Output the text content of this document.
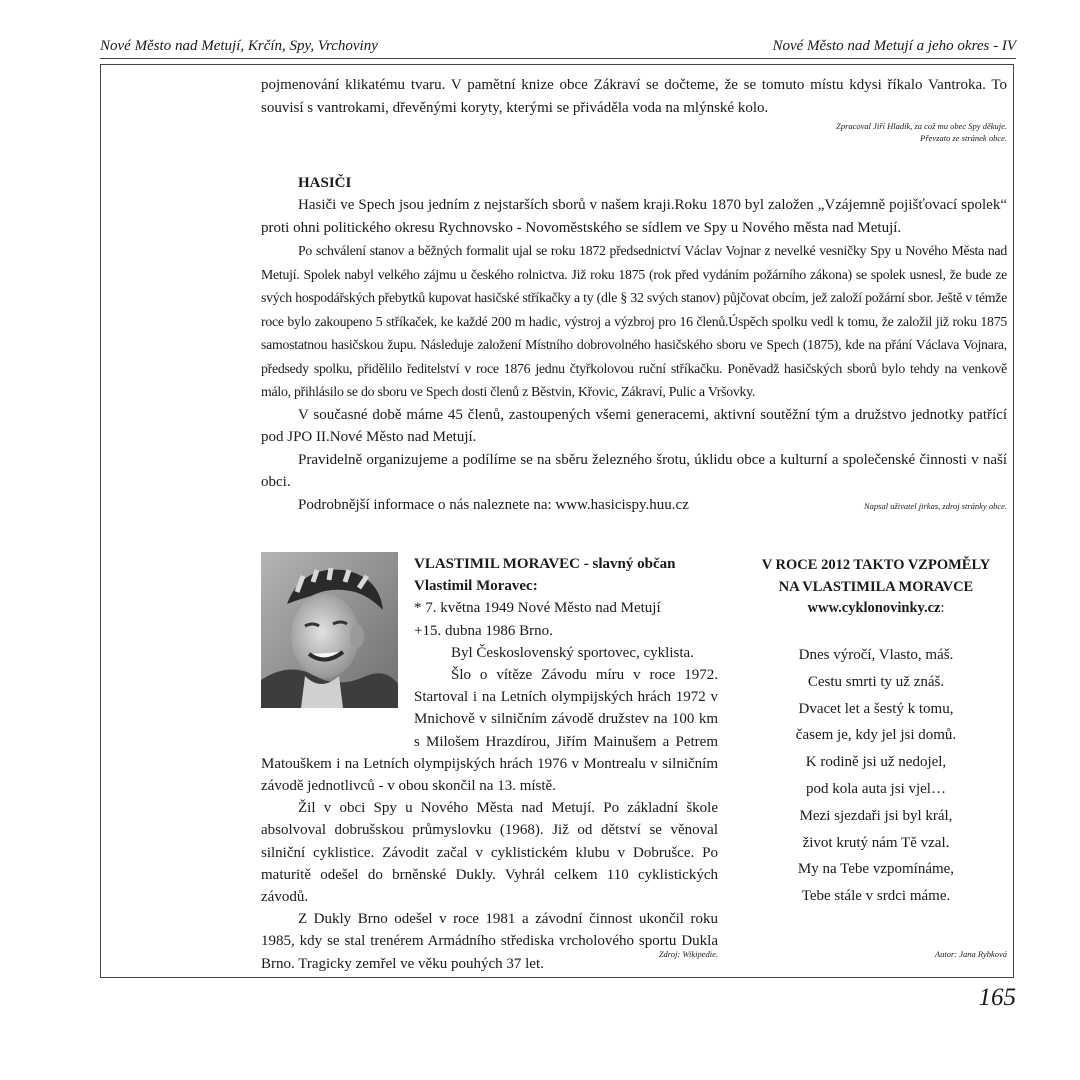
Nové Město nad Metují, Krčín, Spy, Vrchoviny	Nové Město nad Metují a jeho okres - IV

pojmenování klikatému tvaru. V pamětní knize obce Zákraví se dočteme, že se tomuto místu kdysi říkalo Vantroka. To souvisí s vantrokami, dřevěnými koryty, kterými se přiváděla voda na mlýnské kolo.

Zpracoval Jiří Hladík, za což mu obec Spy děkuje.
Převzato ze stránek obce.
HASIČI

Hasiči ve Spech jsou jedním z nejstarších sborů v našem kraji.Roku 1870 byl založen „Vzájemně pojišťovací spolek“ proti ohni politického okresu Rychnovsko - Novoměstského se sídlem ve Spy u Nového města nad Metují.

Po schválení stanov a běžných formalit ujal se roku 1872 předsednictví Václav Vojnar z nevelké vesničky Spy u Nového Města nad Metují. Spolek nabyl velkého zájmu u českého rolnictva. Již roku 1875 (rok před vydáním požárního zákona) se spolek usnesl, že bude ze svých hospodářských přebytků kupovat hasičské stříkačky a ty (dle § 32 svých stanov) půjčovat obcím, jež založí požární sbor. Ještě v témže roce bylo zakoupeno 5 stříkaček, ke každé 200 m hadic, výstroj a výzbroj pro 16 členů.Úspěch spolku vedl k tomu, že založil již roku 1875 samostatnou hasičskou župu. Následuje založení Místního dobrovolného hasičského sboru ve Spech (1875), kde na přání Václava Vojnara, předsedy spolku, přidělilo ředitelství v roce 1876 jednu čtyřkolovou ruční stříkačku. Poněvadž hasičských sborů bylo tehdy na venkově málo, přihlásilo se do sboru ve Spech dosti členů z Běstvin, Křovic, Zákraví, Pulic a Vršovky.

V současné době máme 45 členů, zastoupených všemi generacemi, aktivní soutěžní tým a družstvo jednotky patřící pod JPO II.Nové Město nad Metují.

Pravidelně organizujeme a podílíme se na sběru železného šrotu, úklidu obce a kulturní a společenské činnosti v naší obci.

Podrobnější informace o nás naleznete na: www.hasicispy.huu.cz	Napsal uživatel jirkas, zdroj stránky obce.

VLASTIMIL MORAVEC - slavný občan

Vlastimil Moravec:

* 7. května 1949 Nové Město nad Metují

+15. dubna 1986 Brno.

Byl Československý sportovec, cyklista.

Šlo o vítěze Závodu míru v roce 1972. Startoval i na Letních olympijských hrách 1972 v Mnichově v silničním závodě družstev na 100 km s Milošem Hrazdírou, Jiřím Mainušem a Petrem Matouškem i na Letních olympijských hrách 1976 v Montrealu v silničním závodě jednotlivců - v obou skončil na 13. místě.

Žil v obci Spy u Nového Města nad Metují. Po základní škole absolvoval dobrušskou průmyslovku (1968). Již od dětství se věnoval silniční cyklistice. Závodit začal v cyklistickém klubu v Dobrušce. Po maturitě odešel do brněnské Dukly. Vyhrál celkem 110 cyklistických závodů.

Z Dukly Brno odešel v roce 1981 a závodní činnost ukončil roku 1985, kdy se stal trenérem Armádního střediska vrcholového sportu Dukla Brno. Tragicky zemřel ve věku pouhých 37 let.

Zdroj: Wikipedie.
V ROCE 2012 TAKTO VZPOMĚLY
NA VLASTIMILA MORAVCE
www.cyklonovinky.cz:
Dnes výročí, Vlasto, máš.
Cestu smrti ty už znáš.
Dvacet let a šestý k tomu,
časem je, kdy jel jsi domů.
K rodině jsi už nedojel,
pod kola auta jsi vjel…
Mezi sjezdaři jsi byl král,
život krutý nám Tě vzal.
My na Tebe vzpomínáme,
Tebe stále v srdci máme.
Autor: Jana Rybková
165
